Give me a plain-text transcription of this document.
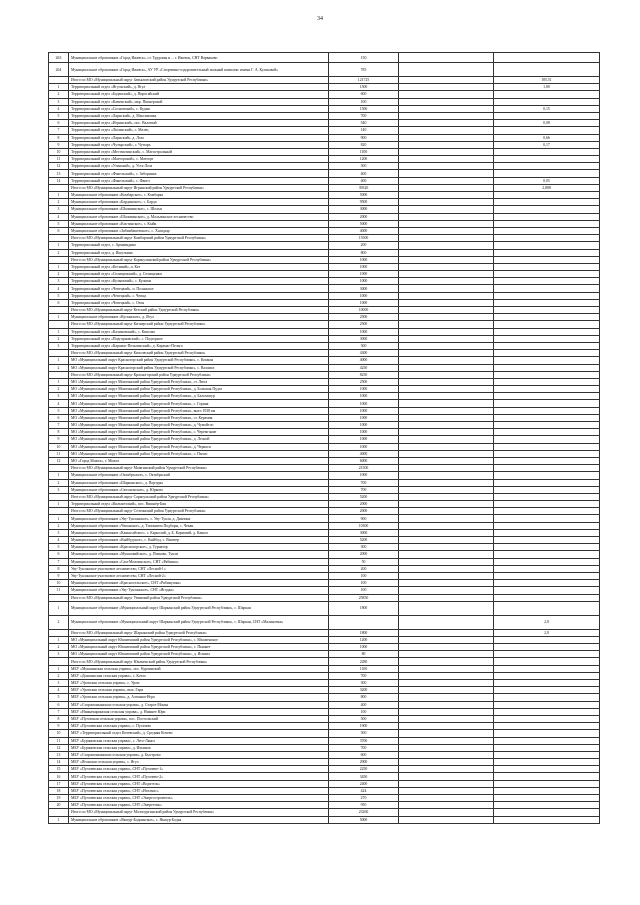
34
263	Муниципальное образование «Город Ижевск», ст. Трудовая и ... г. Ижевск, СНТ Варваково	150		
264	Муниципальное образование «Город Ижевск», АУ УР «Спортивно-оздоровительный лыжный комплекс имени Г. А. Кулаковой»	785		
	Итого по МО «Муниципальный округ Завьяловский район Удмуртской Республики»	121725		185,51
1	Территориальный отдел «Ягульский», д. Ягул	1500		1,80
2	Территориальный отдел «Баденский», д. Пирогайский	600		
3	Территориальный отдел «Каменский», мкр. Пионерский	100		
4	Территориальный отдел «Сосновский», с. Кудык	1500		0,15
5	Территориальный отдел «Ларнский», д. Максимовка	700		
6	Территориальный отдел «Игринский», пос. Валовый	540		0,08
7	Территориальный отдел «Лисинский», с. Мазец	140		
8	Территориальный отдел «Ларнский», д. Лоза	900		0,66
9	Территориальный отдел «Чутырский», с. Чутырь	820		0,17
10	Территориальный отдел «Местинтинский», с. Магистральный	1100		
11	Территориальный отдел «Маегорский», с. Маегорт	1200		
12	Территориальный отдел «Узинский», д. Усть-Лоза	300		
13	Территориальный отдел «Факельский», с. Заборинка	400		
14	Территориальный отдел «Факельский», с. Факел	400		0,05
	Итого по МО «Муниципальный округ Игринский район Удмуртской Республики»	39320		2,888
1	Муниципальное образование «Комбарское», с. Комбарка	5000		
2	Муниципальное образование «Бардинское», с. Барда	9500		
3	Муниципальное образование «Шальвинское», с. Шольи	3000		
4	Муниципальное образование «Шальвинское», д. Мальлинское лесничество	2000		
5	Муниципальное образование «Кистинское», с. Кыйк	5000		
6	Муниципальное образование «Зябинбашевское», с. Хальдыр	4000		
	Итого по МО «Муниципальный округ Камбарский район Удмуртской Республики»	15500		
1	Территориальный отдел, с. Армаиндино	200		
2	Территориальный отдел, д. Ишуткина	800		
	Итого по МО «Муниципальный округ Каракулинский район Удмуртской Республики»	1000		
1	Территориальный отдел «Кесниий», п. Кез	1000		
2	Территориальный отдел «Селищенский», д. Селищенки	1000		
3	Территориальный отдел «Кулымский», с. Кулыма	1000		
4	Территориальный отдел «Чепецкий», п. Полянское	3000		
5	Территориальный отдел «Чепецкий», с. Чепца	1000		
6	Территориальный отдел «Чепецкий», с. Озон	1000		
	Итого по МО «Муниципальный округ Кезский район Удмуртской Республики»	10000		
1	Муниципальное образование «Кусынское», д. Ягул	2500		
	Итого по МО «Муниципальный округ Кизнерский район Удмуртской Республики»	2500		
1	Территориальный отдел «Калиновский», с. Киясово	1000		
2	Территориальный отдел «Подгорновский», с. Подгорное	3000		
3	Территориальный отдел «Карамас-Пельгинский», д. Карамас-Пельга	300		
	Итого по МО «Муниципальный округ Киясовский район Удмуртской Республики»	4300		
1	МО «Муниципальный округ Красногорский район Удмуртской Республики», с. Кокман	4000		
2	МО «Муниципальный округ Красногорский район Удмуртской Республики», с. Валамаз	4250		
	Итого по МО «Муниципальный округ Красногорский район Удмуртской Республики»	8250		
1	МО «Муниципальный округ Можгинский район Удмуртской Республики», ст. Люга	2500		
2	МО «Муниципальный округ Можгинский район Удмуртской Республики», д. Большая Пудга	1000		
3	МО «Муниципальный округ Можгинский район Удмуртской Республики», д. Бальзашур	1000		
4	МО «Муниципальный округ Можгинский район Удмуртской Республики», с. Горняк	1000		
5	МО «Муниципальный округ Можгинский район Удмуртской Республики», выел 1038 км	1000		
6	МО «Муниципальный округ Можгинский район Удмуртской Республики», ст. Керамик	1000		
7	МО «Муниципальный округ Можгинский район Удмуртской Республики», д. Чумойтло	1000		
8	МО «Муниципальный округ Можгинский район Удмуртской Республики», с. Черемгание	1000		
9	МО «Муниципальный округ Можгинский район Удмуртской Республики», д. Лесной	1000		
10	МО «Муниципальный округ Можгинский район Удмуртской Республики», д. Черкаси	1000		
11	МО «Муниципальный округ Можгинский район Удмуртской Республики», с. Пычас	4000		
12	МО «Город Можга», г. Можга	6000		
	Итого по МО «Муниципальный округ Можгинский район Удмуртской Республики»	21500		
1	Муниципальное образование «Октябрьское», с. Октябрьский	1000		
2	Муниципальное образование «Шарканское», д. Порзуры	700		
3	Муниципальное образование «Сюгаильское», д. Юрково	700		
	Итого по МО «Муниципальный округ Сарапульский район Удмуртской Республики»	5200		
1	Территориальный отдел «Кильмезский», пос. Вишнёр-Бия	2000		
	Итого по МО «Муниципальный округ Селтинский район Удмуртской Республики»	2000		
1	Муниципальное образование «Уву-Тукланское», с. Уву-Тукля, д. Динзина	900		
2	Муниципальное образование «Чеканское», д. Тиопьиюм Подборы, с. Чекан	10300		
3	Муниципальное образование «Каякасайское», с. Карколий, д. Б. Кармазий, д. Каныч	3000		
4	Муниципальное образование «Кыйбудское», с. Кыйбод, с. Виштер	5200		
5	Муниципальное образование «Красногорское», д. Турнатор	300		
6	Муниципальное образование «Мушковайское», д. Пзиково, Тукли	2000		
7	Муниципальное образование «Сам-Можгинское», СНТ «Рябинка»	50		
8	Уву-Тукланское участковое лесничество, СНТ «Лесной-1»	200		
9	Уву-Тукланское участковое лесничество, СНТ «Лесной-2»	100		
10	Муниципальное образование «Красносельское», СНТ «Рябинушка»	100		
11	Муниципальное образование «Уву-Тукланское», СНТ «Ягодка»	100		
	Итого по МО «Муниципальный округ Увинский район Удмуртской Республики»	25850		
1	Муниципальное образование «Муниципальный округ Шарканский район Удмуртской Республики», с. Шаркан	1800		
2	Муниципальное образование «Муниципальный округ Шарканский район Удмуртской Республики», с. Шаркан, СНТ «Малиновка»			2,8
	Итого по МО «Муниципальный округ Шарканский район Удмуртской Республики»	1800		2,8
1	МО «Муниципальный округ Юкаменский район Удмуртской Республики», с. Юкаменское	1200		
2	МО «Муниципальный округ Юкаменский район Удмуртской Республики», с. Пышкет	1000		
3	МО «Муниципальный округ Юкаменский район Удмуртской Республики», д. Исмаил	80		
	Итого по МО «Муниципальный округ Юкаменский район Удмуртской Республики»	2280		
1	МБУ «Мукшинская сельская управа», пос. Курчинский	1100		
2	МБУ «Докшинская сельская управа», с. Котло	700		
3	МБУ «Уровская сельская управа», с. Уром	300		
4	МБУ «Уровская сельская управа», вых. Гари	3200		
5	МБУ «Уровская сельская управа», д. Алтынка-Нгра	800		
6	МБУ «Старомоньинская сельская управа», д. Старое Монья	400		
7	МБУ «Нижнекаринская сельская управа», д. Нижнее Юри	100		
8	МБУ «Пуговская сельская управа», пос. Постольский	500		
9	МБУ «Пугачевская сельская управа», с. Пугачево	1900		
10	МБУ «Территориальный отдел Кочевский», д. Средняя Кочево	500		
11	МБУ «Бурановская сельская управа», с. Лего-Лянга	3700		
12	МБУ «Бурановская сельская управа», д. Ильинок	700		
13	МБУ «Старомоньинская сельская управа», д. Быстрово	600		
14	МБУ «Яганская сельская управа», с. Ягул	2900		
15	МБУ «Пугачевская сельская управа», СНТ «Пугачево-1»	2250		
16	МБУ «Пугачевская сельская управа», СНТ «Пугачево-2»	3450		
17	МБУ «Пугачевская сельская управа», СНТ «Водитель»	2400		
18	МБУ «Пугачевская сельская управа», СНТ «Италмас»	424		
19	МБУ «Пугачевская сельская управа», СНТ «Энергостроитель»	270		
20	МБУ «Пугачевская сельская управа», СНТ «Энергетик»	950		
	Итого по МО «Муниципальный округ Малопургинский район Удмуртской Республики»	23260		
1	Муниципальное образование «Якшур-Бодьинское», с. Якшур-Бодья	5000		
